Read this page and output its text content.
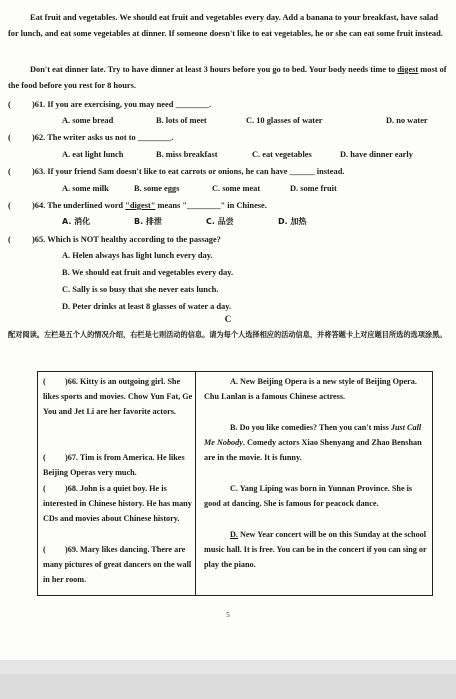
Eat fruit and vegetables. We should eat fruit and vegetables every day. Add a banana to your breakfast, have salad for lunch, and eat some vegetables at dinner. If someone doesn't like to eat vegetables, he or she can eat some fruit instead.
Don't eat dinner late. Try to have dinner at least 3 hours before you go to bed. Your body needs time to digest most of the food before you rest for 8 hours.
(	)61. If you are exercising, you may need ________.
A. some bread	B. lots of meet	C. 10 glasses of water	D. no water
(	)62. The writer asks us not to ________.
A. eat light lunch	B. miss breakfast	C. eat vegetables	D. have dinner early
(	)63. If your friend Sam doesn't like to eat carrots or onions, he can have ______ instead.
A. some milk	B. some eggs	C. some meat	D. some fruit
(	)64. The underlined word "digest" means "________" in Chinese.
A. 消化	B. 排泄	C. 品尝	D. 加热
(	)65. Which is NOT healthy according to the passage?
A. Helen always has light lunch every day.
B. We should eat fruit and vegetables every day.
C. Sally is so busy that she never eats lunch.
D. Peter drinks at least 8 glasses of water a day.
C
配对阅读。左栏是五个人的情况介绍，右栏是七则活动的信息。请为每个人选择相应的活动信息，并将答题卡上对应题目所选的选项涂黑。
( )66. Kitty is an outgoing girl. She likes sports and movies. Chow Yun Fat, Ge You and Jet Li are her favorite actors.
( )67. Tim is from America. He likes Beijing Operas very much.
( )68. John is a quiet boy. He is interested in Chinese history. He has many CDs and movies about Chinese history.
( )69. Mary likes dancing. There are many pictures of great dancers on the wall in her room.
A. New Beijing Opera is a new style of Beijing Opera. Chu Lanlan is a famous Chinese actress.
B. Do you like comedies? Then you can't miss Just Call Me Nobody. Comedy actors Xiao Shenyang and Zhao Benshan are in the movie. It is funny.
C. Yang Liping was born in Yunnan Province. She is good at dancing. She is famous for peacock dance.
D. New Year concert will be on this Sunday at the school music hall. It is free. You can be in the concert if you can sing or play the piano.
5
